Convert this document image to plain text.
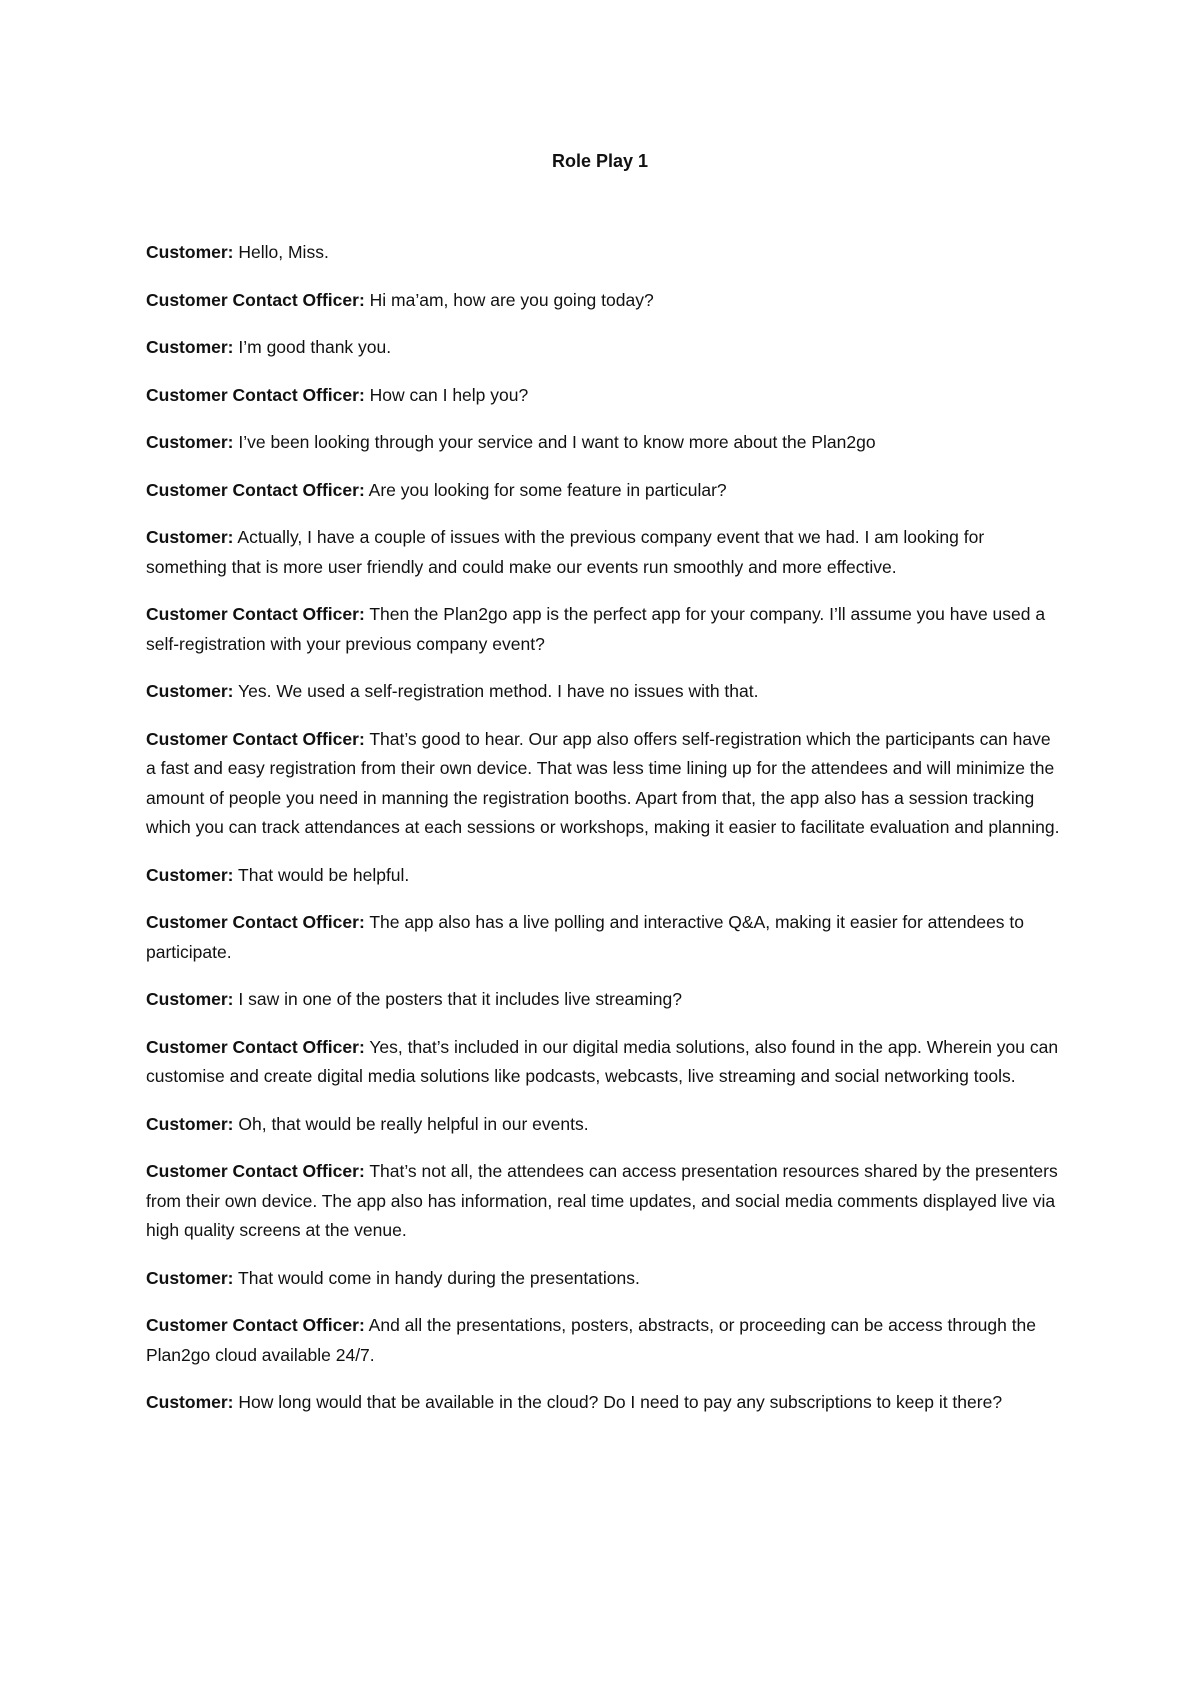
Role Play 1

Customer: Hello, Miss.

Customer Contact Officer: Hi ma’am, how are you going today?

Customer: I’m good thank you.

Customer Contact Officer: How can I help you?

Customer: I’ve been looking through your service and I want to know more about the Plan2go

Customer Contact Officer: Are you looking for some feature in particular?

Customer: Actually, I have a couple of issues with the previous company event that we had. I am looking for something that is more user friendly and could make our events run smoothly and more effective.

Customer Contact Officer: Then the Plan2go app is the perfect app for your company. I’ll assume you have used a self-registration with your previous company event?

Customer: Yes. We used a self-registration method. I have no issues with that.

Customer Contact Officer: That’s good to hear. Our app also offers self-registration which the participants can have a fast and easy registration from their own device. That was less time lining up for the attendees and will minimize the amount of people you need in manning the registration booths. Apart from that, the app also has a session tracking which you can track attendances at each sessions or workshops, making it easier to facilitate evaluation and planning.

Customer: That would be helpful.

Customer Contact Officer: The app also has a live polling and interactive Q&A, making it easier for attendees to participate.

Customer: I saw in one of the posters that it includes live streaming?

Customer Contact Officer: Yes, that’s included in our digital media solutions, also found in the app. Wherein you can customise and create digital media solutions like podcasts, webcasts, live streaming and social networking tools.

Customer: Oh, that would be really helpful in our events.

Customer Contact Officer: That’s not all, the attendees can access presentation resources shared by the presenters from their own device. The app also has information, real time updates, and social media comments displayed live via high quality screens at the venue.

Customer: That would come in handy during the presentations.

Customer Contact Officer: And all the presentations, posters, abstracts, or proceeding can be access through the Plan2go cloud available 24/7.

Customer: How long would that be available in the cloud? Do I need to pay any subscriptions to keep it there?
